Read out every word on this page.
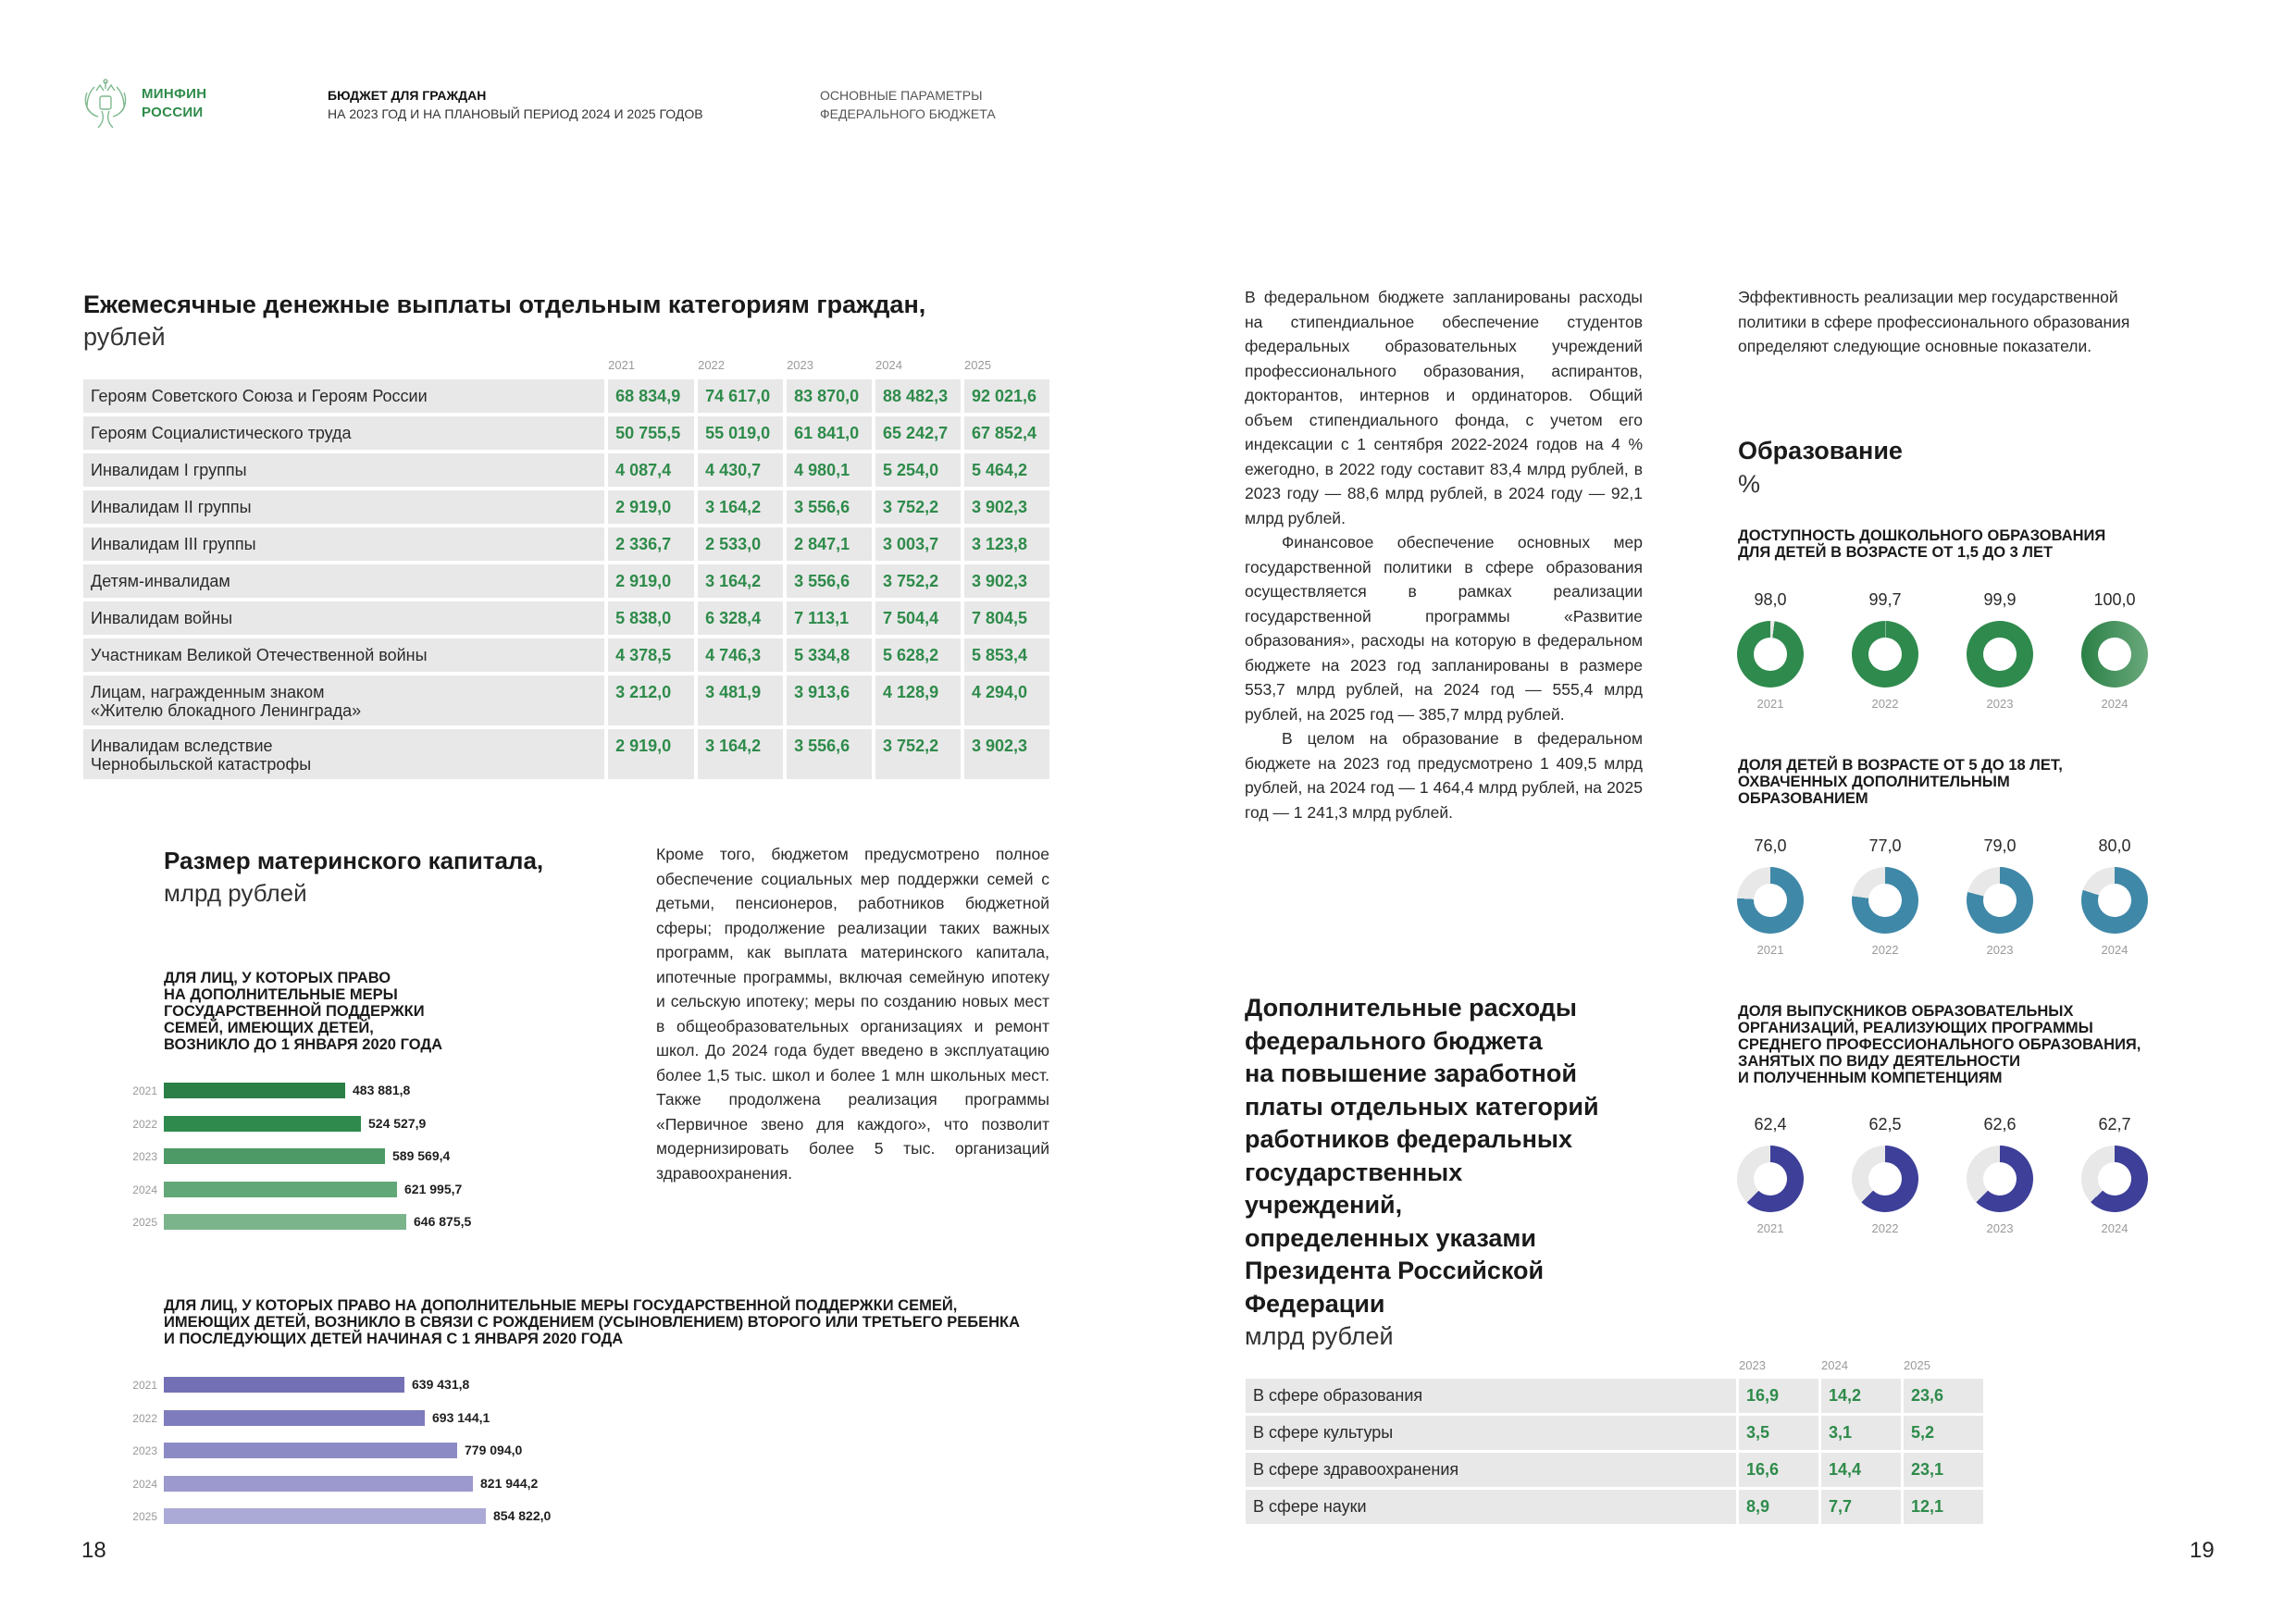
МИНФИН
РОССИИ
БЮДЖЕТ ДЛЯ ГРАЖДАН
НА 2023 ГОД И НА ПЛАНОВЫЙ ПЕРИОД 2024 И 2025 ГОДОВ
ОСНОВНЫЕ ПАРАМЕТРЫ
ФЕДЕРАЛЬНОГО БЮДЖЕТА
Ежемесячные денежные выплаты отдельным категориям граждан,
рублей
	2021	2022	2023	2024	2025
Героям Советского Союза и Героям России	68 834,9	74 617,0	83 870,0	88 482,3	92 021,6
Героям Социалистического труда	50 755,5	55 019,0	61 841,0	65 242,7	67 852,4
Инвалидам I группы	4 087,4	4 430,7	4 980,1	5 254,0	5 464,2
Инвалидам II группы	2 919,0	3 164,2	3 556,6	3 752,2	3 902,3
Инвалидам III группы	2 336,7	2 533,0	2 847,1	3 003,7	3 123,8
Детям-инвалидам	2 919,0	3 164,2	3 556,6	3 752,2	3 902,3
Инвалидам войны	5 838,0	6 328,4	7 113,1	7 504,4	7 804,5
Участникам Великой Отечественной войны	4 378,5	4 746,3	5 334,8	5 628,2	5 853,4

Лицам, награжденным знаком
«Жителю блокадного Ленинграда»	3 212,0	3 481,9	3 913,6	4 128,9	4 294,0

Инвалидам вследствие
Чернобыльской катастрофы	2 919,0	3 164,2	3 556,6	3 752,2	3 902,3
Размер материнского капитала,
млрд рублей
ДЛЯ ЛИЦ, У КОТОРЫХ ПРАВО
НА ДОПОЛНИТЕЛЬНЫЕ МЕРЫ
ГОСУДАРСТВЕННОЙ ПОДДЕРЖКИ
СЕМЕЙ, ИМЕЮЩИХ ДЕТЕЙ,
ВОЗНИКЛО ДО 1 ЯНВАРЯ 2020 ГОДА
2021	483 881,8
2022	524 527,9
2023	589 569,4
2024	621 995,7
2025	646 875,5
ДЛЯ ЛИЦ, У КОТОРЫХ ПРАВО НА ДОПОЛНИТЕЛЬНЫЕ МЕРЫ ГОСУДАРСТВЕННОЙ ПОДДЕРЖКИ СЕМЕЙ,
ИМЕЮЩИХ ДЕТЕЙ, ВОЗНИКЛО В СВЯЗИ С РОЖДЕНИЕМ (УСЫНОВЛЕНИЕМ) ВТОРОГО ИЛИ ТРЕТЬЕГО РЕБЕНКА
И ПОСЛЕДУЮЩИХ ДЕТЕЙ НАЧИНАЯ С 1 ЯНВАРЯ 2020 ГОДА
2021	639 431,8
2022	693 144,1
2023	779 094,0
2024	821 944,2
2025	854 822,0
Кроме того, бюджетом предусмотрено полное обеспечение социальных мер поддержки семей с детьми, пенсионеров, работников бюджетной сферы; продолжение реализации таких важных программ, как выплата материнского капитала, ипотечные программы, включая семейную ипотеку и сельскую ипотеку; меры по созданию новых мест в общеобразовательных организациях и ремонт школ. До 2024 года будет введено в эксплуатацию более 1,5 тыс. школ и более 1 млн школьных мест. Также продолжена реализация программы «Первичное звено для каждого», что позволит модернизировать более 5 тыс. организаций здравоохранения.

В федеральном бюджете запланированы расходы на стипендиальное обеспечение студентов федеральных образовательных учреждений профессионального образования, аспирантов, докторантов, интернов и ординаторов. Общий объем стипендиального фонда, с учетом его индексации с 1 сентября 2022-2024 годов на 4 % ежегодно, в 2022 году составит 83,4 млрд рублей, в 2023 году — 88,6 млрд рублей, в 2024 году — 92,1 млрд рублей.

Финансовое обеспечение основных мер государственной политики в сфере образования осуществляется в рамках реализации государственной программы «Развитие образования», расходы на которую в федеральном бюджете на 2023 год запланированы в размере 553,7 млрд рублей, на 2024 год — 555,4 млрд рублей, на 2025 год — 385,7 млрд рублей.

В целом на образование в федеральном бюджете на 2023 год предусмотрено 1 409,5 млрд рублей, на 2024 год — 1 464,4 млрд рублей, на 2025 год — 1 241,3 млрд рублей.

Эффективность реализации мер государственной политики в сфере профессионального образования определяют следующие основные показатели.
Образование
%
ДОСТУПНОСТЬ ДОШКОЛЬНОГО ОБРАЗОВАНИЯ
ДЛЯ ДЕТЕЙ В ВОЗРАСТЕ ОТ 1,5 ДО 3 ЛЕТ
98,0
2021
99,7
2022
99,9
2023
100,0
2024
ДОЛЯ ДЕТЕЙ В ВОЗРАСТЕ ОТ 5 ДО 18 ЛЕТ,
ОХВАЧЕННЫХ ДОПОЛНИТЕЛЬНЫМ
ОБРАЗОВАНИЕМ
76,0
2021
77,0
2022
79,0
2023
80,0
2024
ДОЛЯ ВЫПУСКНИКОВ ОБРАЗОВАТЕЛЬНЫХ
ОРГАНИЗАЦИЙ, РЕАЛИЗУЮЩИХ ПРОГРАММЫ
СРЕДНЕГО ПРОФЕССИОНАЛЬНОГО ОБРАЗОВАНИЯ,
ЗАНЯТЫХ ПО ВИДУ ДЕЯТЕЛЬНОСТИ
И ПОЛУЧЕННЫМ КОМПЕТЕНЦИЯМ
62,4
2021
62,5
2022
62,6
2023
62,7
2024
Дополнительные расходы
федерального бюджета
на повышение заработной
платы отдельных категорий
работников федеральных
государственных
учреждений,
определенных указами
Президента Российской
Федерации
млрд рублей
	2023	2024	2025
В сфере образования	16,9	14,2	23,6
В сфере культуры	3,5	3,1	5,2
В сфере здравоохранения	16,6	14,4	23,1
В сфере науки	8,9	7,7	12,1
18	19
